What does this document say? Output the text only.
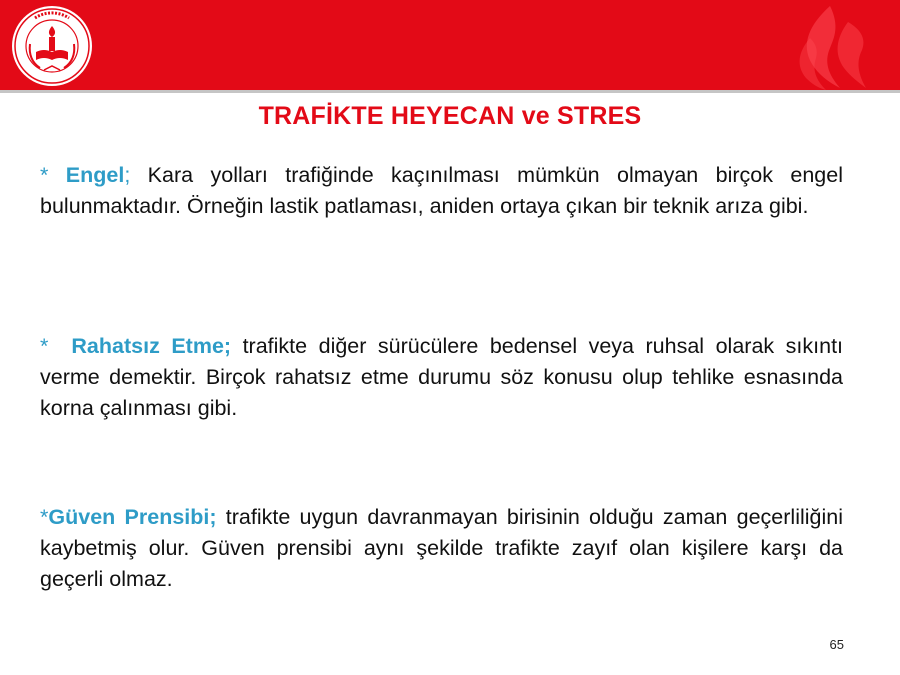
TRAFİKTE HEYECAN ve STRES
* Engel; Kara yolları trafiğinde kaçınılması mümkün olmayan birçok engel bulunmaktadır. Örneğin lastik patlaması, aniden ortaya çıkan bir teknik arıza gibi.
* Rahatsız Etme; trafikte diğer sürücülere bedensel veya ruhsal olarak sıkıntı verme demektir. Birçok rahatsız etme durumu söz konusu olup tehlike esnasında korna çalınması gibi.
*Güven Prensibi; trafikte uygun davranmayan birisinin olduğu zaman geçerliliğini kaybetmiş olur. Güven prensibi aynı şekilde trafikte zayıf olan kişilere karşı da geçerli olmaz.
65
